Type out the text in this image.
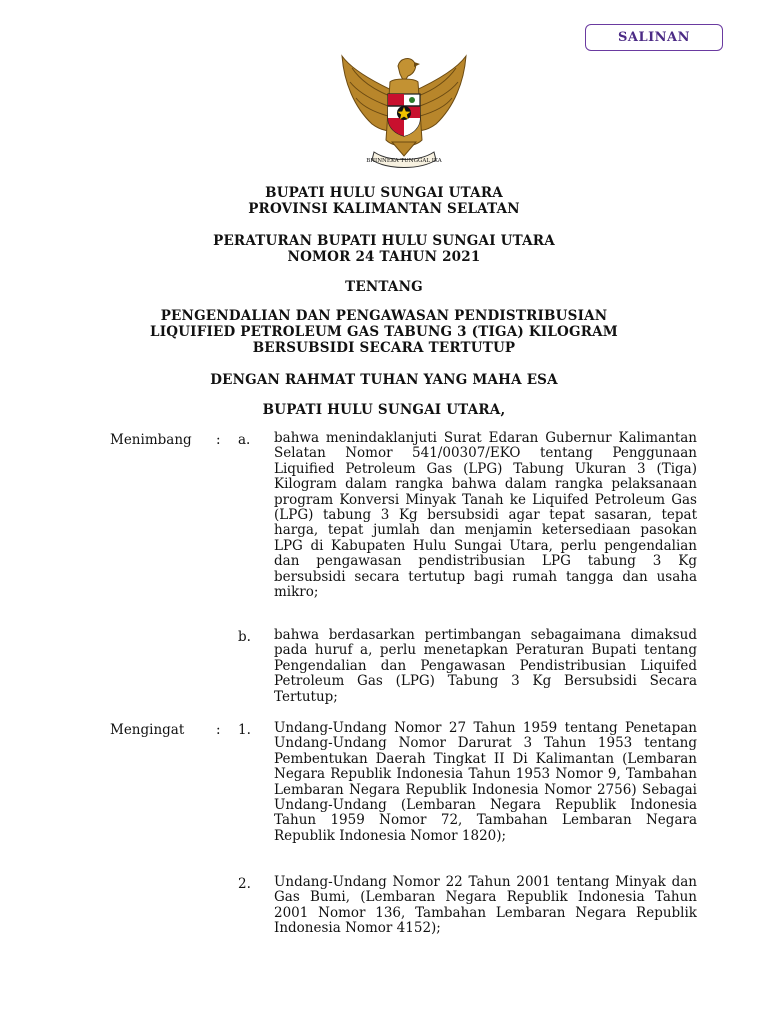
SALINAN
BHINNEKA TUNGGAL IKA
BUPATI HULU SUNGAI UTARA
PROVINSI KALIMANTAN SELATAN
PERATURAN BUPATI HULU SUNGAI UTARA
NOMOR 24 TAHUN 2021
TENTANG
PENGENDALIAN DAN PENGAWASAN PENDISTRIBUSIAN
LIQUIFIED PETROLEUM GAS TABUNG 3 (TIGA) KILOGRAM
BERSUBSIDI SECARA TERTUTUP
DENGAN RAHMAT TUHAN YANG MAHA ESA
BUPATI HULU SUNGAI UTARA,
Menimbang : a. bahwa menindaklanjuti Surat Edaran Gubernur Kalimantan Selatan Nomor 541/00307/EKO tentang Penggunaan Liquified Petroleum Gas (LPG) Tabung Ukuran 3 (Tiga) Kilogram dalam rangka bahwa dalam rangka pelaksanaan program Konversi Minyak Tanah ke Liquifed Petroleum Gas (LPG) tabung 3 Kg bersubsidi agar tepat sasaran, tepat harga, tepat jumlah dan menjamin ketersediaan pasokan LPG di Kabupaten Hulu Sungai Utara, perlu pengendalian dan pengawasan pendistribusian LPG tabung 3 Kg bersubsidi secara tertutup bagi rumah tangga dan usaha mikro;
b. bahwa berdasarkan pertimbangan sebagaimana dimaksud pada huruf a, perlu menetapkan Peraturan Bupati tentang Pengendalian dan Pengawasan Pendistribusian Liquifed Petroleum Gas (LPG) Tabung 3 Kg Bersubsidi Secara Tertutup;
Mengingat : 1. Undang-Undang Nomor 27 Tahun 1959 tentang Penetapan Undang-Undang Nomor Darurat 3 Tahun 1953 tentang Pembentukan Daerah Tingkat II Di Kalimantan (Lembaran Negara Republik Indonesia Tahun 1953 Nomor 9, Tambahan Lembaran Negara Republik Indonesia Nomor 2756) Sebagai Undang-Undang (Lembaran Negara Republik Indonesia Tahun 1959 Nomor 72, Tambahan Lembaran Negara Republik Indonesia Nomor 1820);
2. Undang-Undang Nomor 22 Tahun 2001 tentang Minyak dan Gas Bumi, (Lembaran Negara Republik Indonesia Tahun 2001 Nomor 136, Tambahan Lembaran Negara Republik Indonesia Nomor 4152);
